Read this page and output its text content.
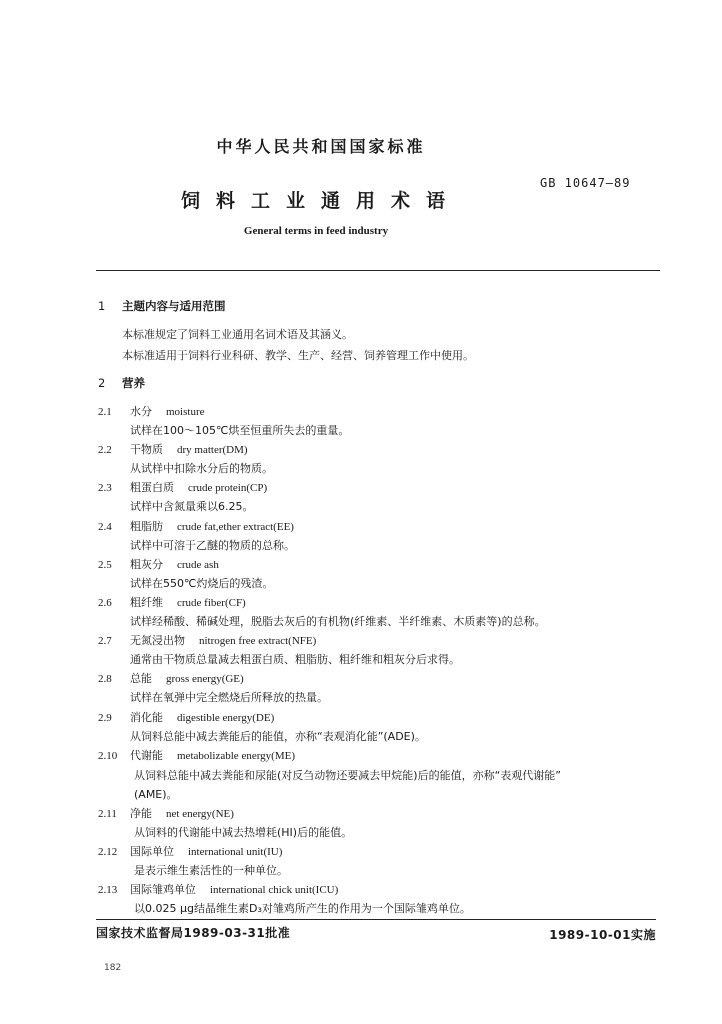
中华人民共和国国家标准
GB 10647—89
饲料工业通用术语
General terms in feed industry
1 主题内容与适用范围
本标准规定了饲料工业通用名词术语及其涵义。
本标准适用于饲料行业科研、教学、生产、经营、饲养管理工作中使用。
2 营养
2.1 水分 moisture
试样在100～105℃烘至恒重所失去的重量。
2.2 干物质 dry matter(DM)
从试样中扣除水分后的物质。
2.3 粗蛋白质 crude protein(CP)
试样中含氮量乘以6.25。
2.4 粗脂肪 crude fat,ether extract(EE)
试样中可溶于乙醚的物质的总称。
2.5 粗灰分 crude ash
试样在550℃灼烧后的残渣。
2.6 粗纤维 crude fiber(CF)
试样经稀酸、稀碱处理，脱脂去灰后的有机物(纤维素、半纤维素、木质素等)的总称。
2.7 无氮浸出物 nitrogen free extract(NFE)
通常由干物质总量减去粗蛋白质、粗脂肪、粗纤维和粗灰分后求得。
2.8 总能 gross energy(GE)
试样在氧弹中完全燃烧后所释放的热量。
2.9 消化能 digestible energy(DE)
从饲料总能中减去粪能后的能值，亦称“表观消化能”(ADE)。
2.10 代谢能 metabolizable energy(ME)
从饲料总能中减去粪能和尿能(对反刍动物还要减去甲烷能)后的能值，亦称“表观代谢能”
(AME)。
2.11 净能 net energy(NE)
从饲料的代谢能中减去热增耗(HI)后的能值。
2.12 国际单位 international unit(IU)
是表示维生素活性的一种单位。
2.13 国际雏鸡单位 international chick unit(ICU)
以0.025 μg结晶维生素D₃对雏鸡所产生的作用为一个国际雏鸡单位。
国家技术监督局1989-03-31批准	1989-10-01实施
182
